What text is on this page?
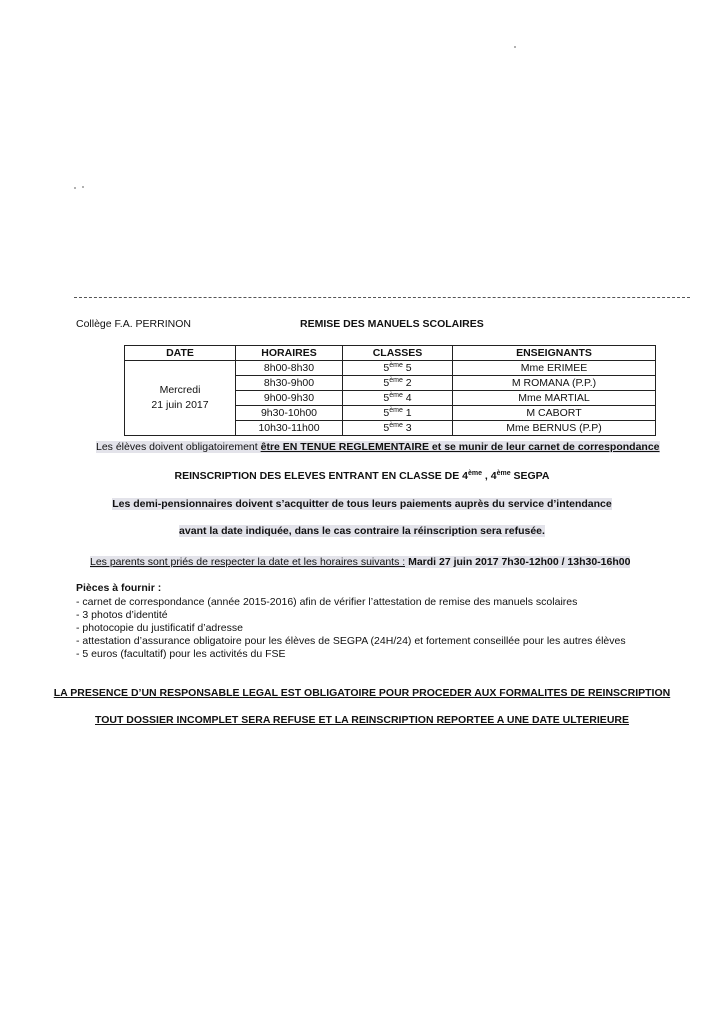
Collège F.A. PERRINON	REMISE DES MANUELS SCOLAIRES
DATE	HORAIRES	CLASSES	ENSEIGNANTS

Mercredi
21 juin 2017	8h00-8h30	5ème 5	Mme ERIMEE
	8h30-9h00	5ème 2	M ROMANA (P.P.)
	9h00-9h30	5ème 4	Mme MARTIAL
	9h30-10h00	5ème 1	M CABORT
	10h30-11h00	5ème 3	Mme BERNUS (P.P)
Les élèves doivent obligatoirement être EN TENUE REGLEMENTAIRE et se munir de leur carnet de correspondance
REINSCRIPTION DES ELEVES ENTRANT EN CLASSE DE 4ème , 4ème SEGPA
Les demi-pensionnaires doivent s’acquitter de tous leurs paiements auprès du service d’intendance
avant la date indiquée, dans le cas contraire la réinscription sera refusée.
Les parents sont priés de respecter la date et les horaires suivants : Mardi 27 juin 2017 7h30-12h00 / 13h30-16h00
Pièces à fournir :
- carnet de correspondance (année 2015-2016) afin de vérifier l’attestation de remise des manuels scolaires
- 3 photos d’identité
- photocopie du justificatif d’adresse
- attestation d’assurance obligatoire pour les élèves de SEGPA (24H/24) et fortement conseillée pour les autres élèves
- 5 euros (facultatif) pour les activités du FSE
LA PRESENCE D’UN RESPONSABLE LEGAL EST OBLIGATOIRE POUR PROCEDER AUX FORMALITES DE REINSCRIPTION
TOUT DOSSIER INCOMPLET SERA REFUSE ET LA REINSCRIPTION REPORTEE A UNE DATE ULTERIEURE
